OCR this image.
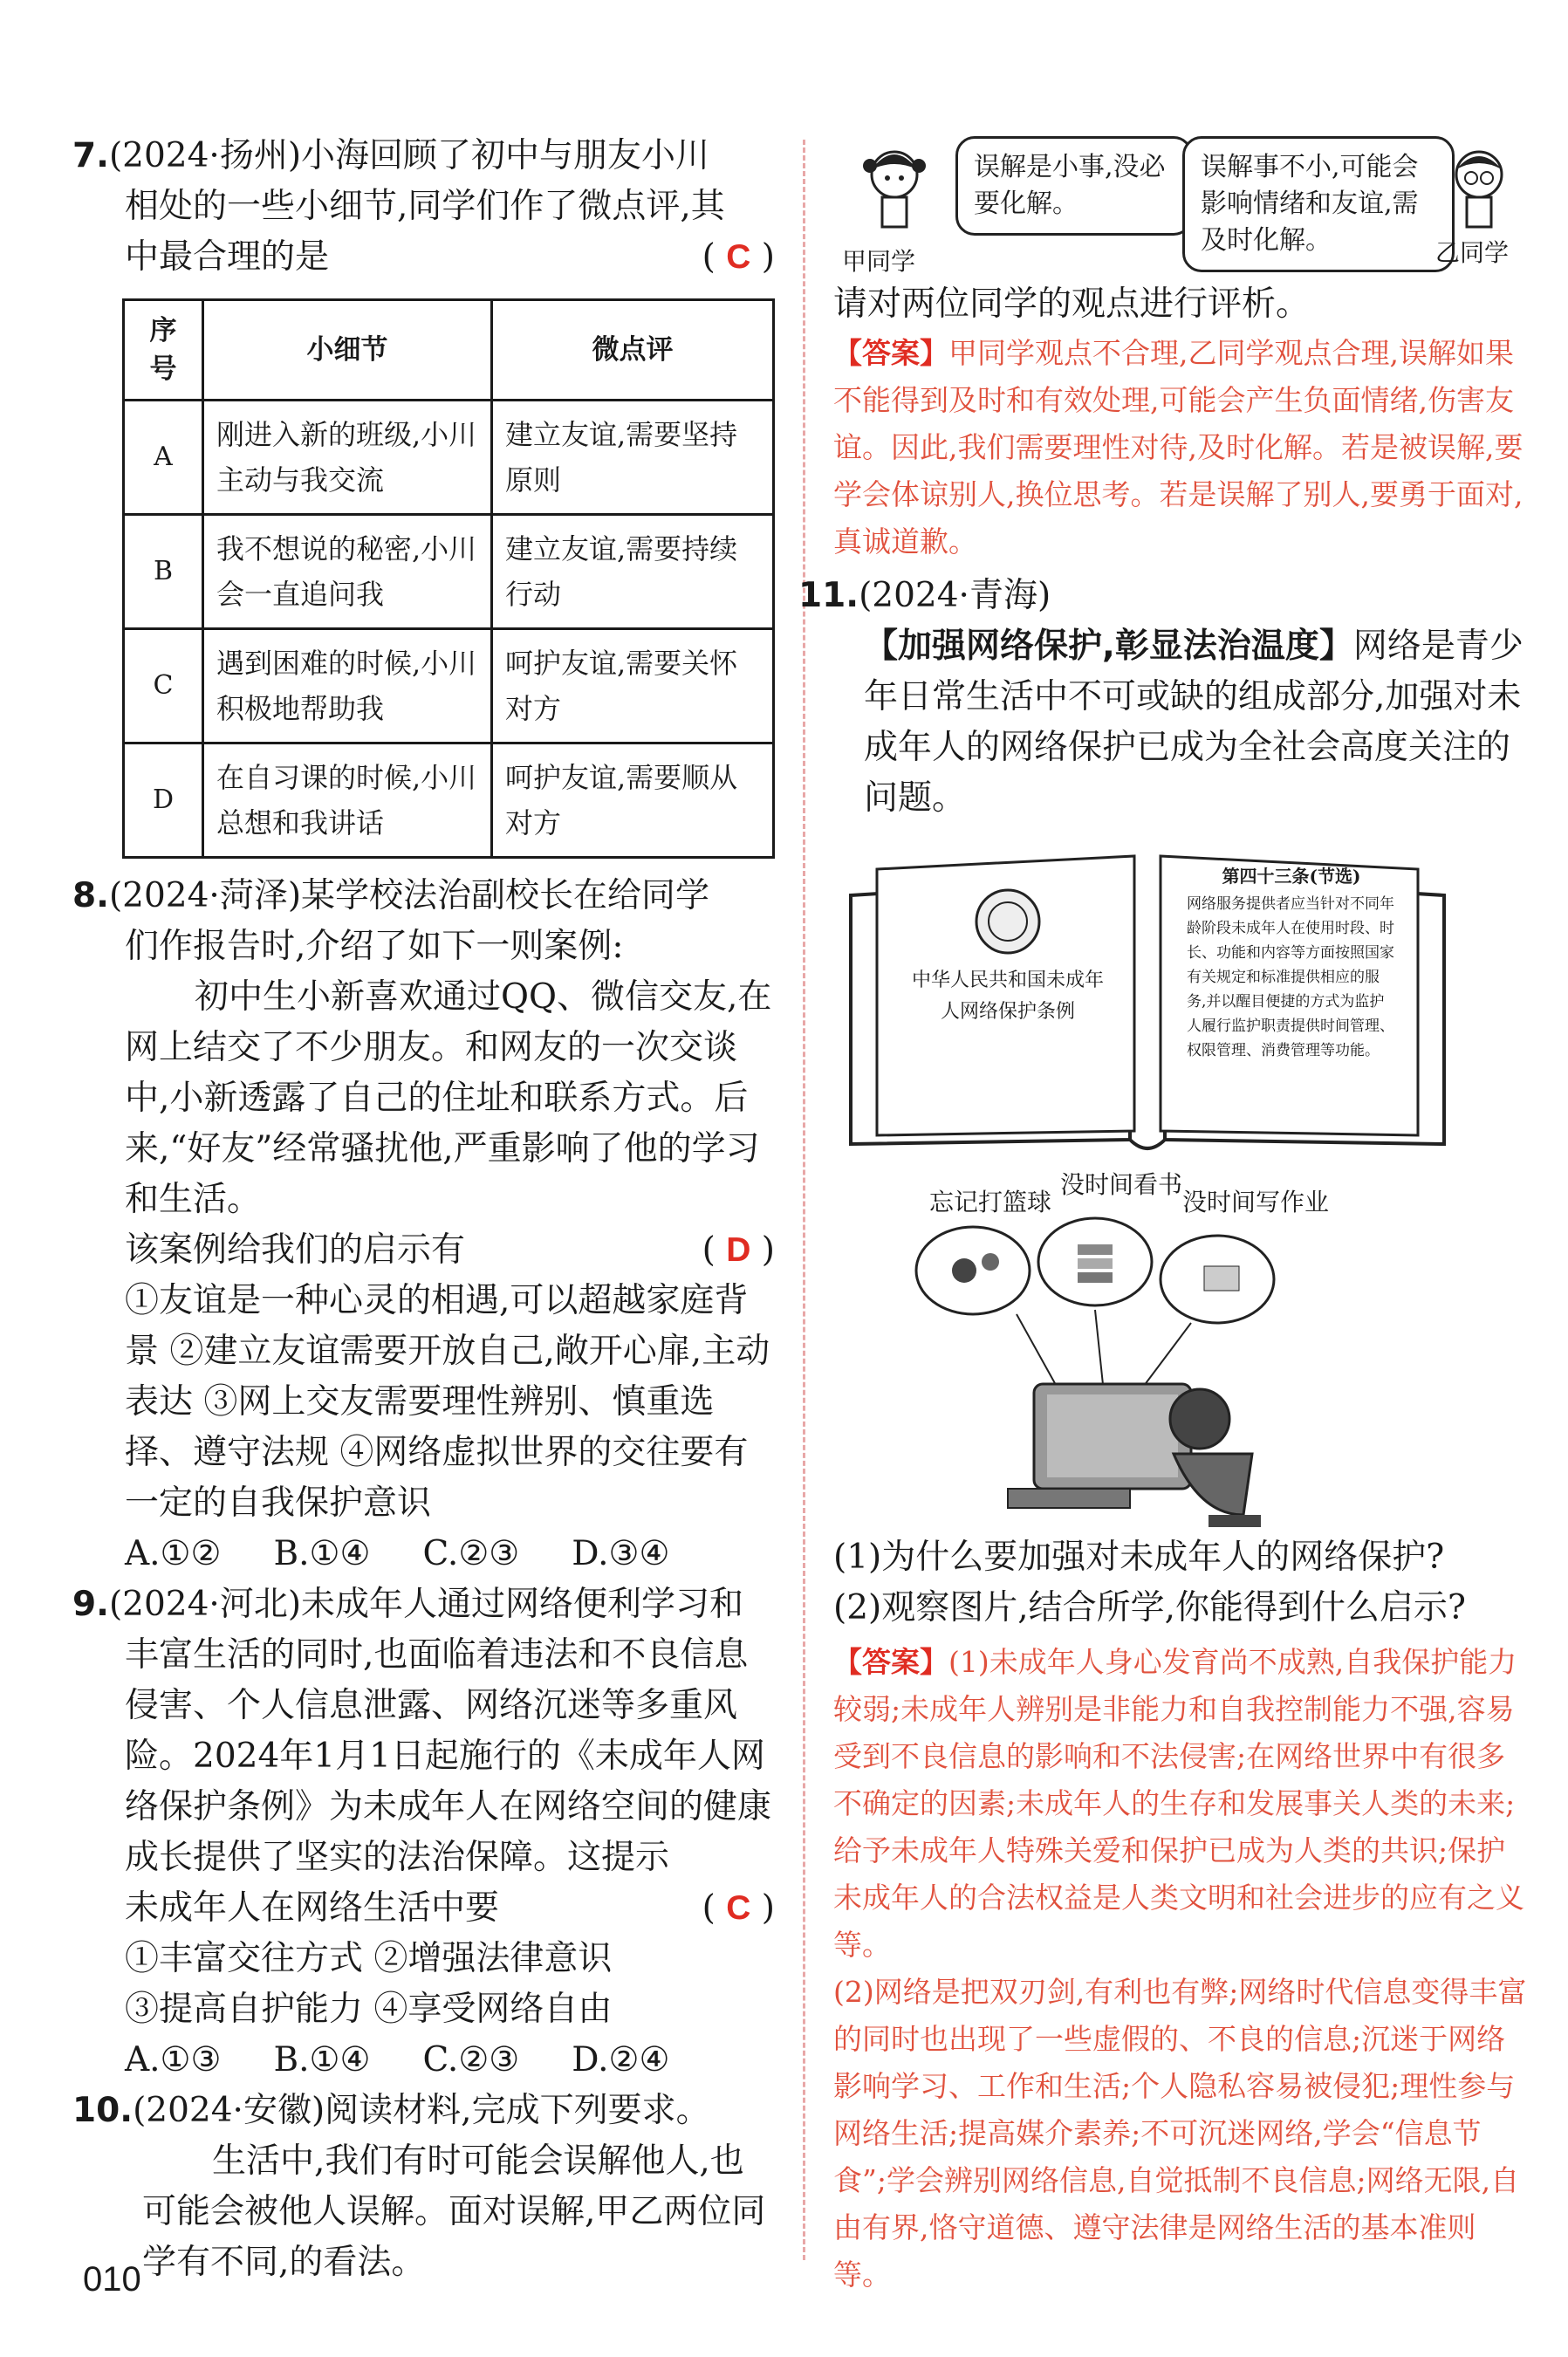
7.(2024·扬州)小海回顾了初中与朋友小川

相处的一些小细节,同学们作了微点评,其

中最合理的是	( C )

序号	小细节	微点评
A	刚进入新的班级,小川主动与我交流	建立友谊,需要坚持原则
B	我不想说的秘密,小川会一直追问我	建立友谊,需要持续行动
C	遇到困难的时候,小川积极地帮助我	呵护友谊,需要关怀对方
D	在自习课的时候,小川总想和我讲话	呵护友谊,需要顺从对方

8.(2024·菏泽)某学校法治副校长在给同学

们作报告时,介绍了如下一则案例:

初中生小新喜欢通过QQ、微信交友,在网上结交了不少朋友。和网友的一次交谈中,小新透露了自己的住址和联系方式。后来,“好友”经常骚扰他,严重影响了他的学习和生活。

该案例给我们的启示有	( D )

①友谊是一种心灵的相遇,可以超越家庭背景 ②建立友谊需要开放自己,敞开心扉,主动表达 ③网上交友需要理性辨别、慎重选择、遵守法规 ④网络虚拟世界的交往要有一定的自我保护意识

A.①② B.①④ C.②③ D.③④

9.(2024·河北)未成年人通过网络便利学习和丰富生活的同时,也面临着违法和不良信息侵害、个人信息泄露、网络沉迷等多重风险。2024年1月1日起施行的《未成年人网络保护条例》为未成年人在网络空间的健康成长提供了坚实的法治保障。这提示

未成年人在网络生活中要	( C )

①丰富交往方式 ②增强法律意识

③提高自护能力 ④享受网络自由

A.①③ B.①④ C.②③ D.②④

10.(2024·安徽)阅读材料,完成下列要求。

生活中,我们有时可能会误解他人,也可能会被他人误解。面对误解,甲乙两位同学有不同,的看法。

010
误解是小事,没必要化解。
误解事不小,可能会影响情绪和友谊,需及时化解。
甲同学	乙同学

请对两位同学的观点进行评析。

【答案】甲同学观点不合理,乙同学观点合理,误解如果不能得到及时和有效处理,可能会产生负面情绪,伤害友谊。因此,我们需要理性对待,及时化解。若是被误解,要学会体谅别人,换位思考。若是误解了别人,要勇于面对,真诚道歉。

11.(2024·青海)【加强网络保护,彰显法治温度】网络是青少年日常生活中不可或缺的组成部分,加强对未成年人的网络保护已成为全社会高度关注的问题。

中华人民共和国未成年人网络保护条例
第四十三条(节选)
网络服务提供者应当针对不同年龄阶段未成年人在使用时段、时长、功能和内容等方面按照国家有关规定和标准提供相应的服务,并以醒目便捷的方式为监护人履行监护职责提供时间管理、权限管理、消费管理等功能。
忘记打篮球
没时间看书
没时间写作业

(1)为什么要加强对未成年人的网络保护?

(2)观察图片,结合所学,你能得到什么启示?

【答案】(1)未成年人身心发育尚不成熟,自我保护能力较弱;未成年人辨别是非能力和自我控制能力不强,容易受到不良信息的影响和不法侵害;在网络世界中有很多不确定的因素;未成年人的生存和发展事关人类的未来;给予未成年人特殊关爱和保护已成为人类的共识;保护未成年人的合法权益是人类文明和社会进步的应有之义等。

(2)网络是把双刃剑,有利也有弊;网络时代信息变得丰富的同时也出现了一些虚假的、不良的信息;沉迷于网络影响学习、工作和生活;个人隐私容易被侵犯;理性参与网络生活;提高媒介素养;不可沉迷网络,学会“信息节食”;学会辨别网络信息,自觉抵制不良信息;网络无限,自由有界,恪守道德、遵守法律是网络生活的基本准则等。
